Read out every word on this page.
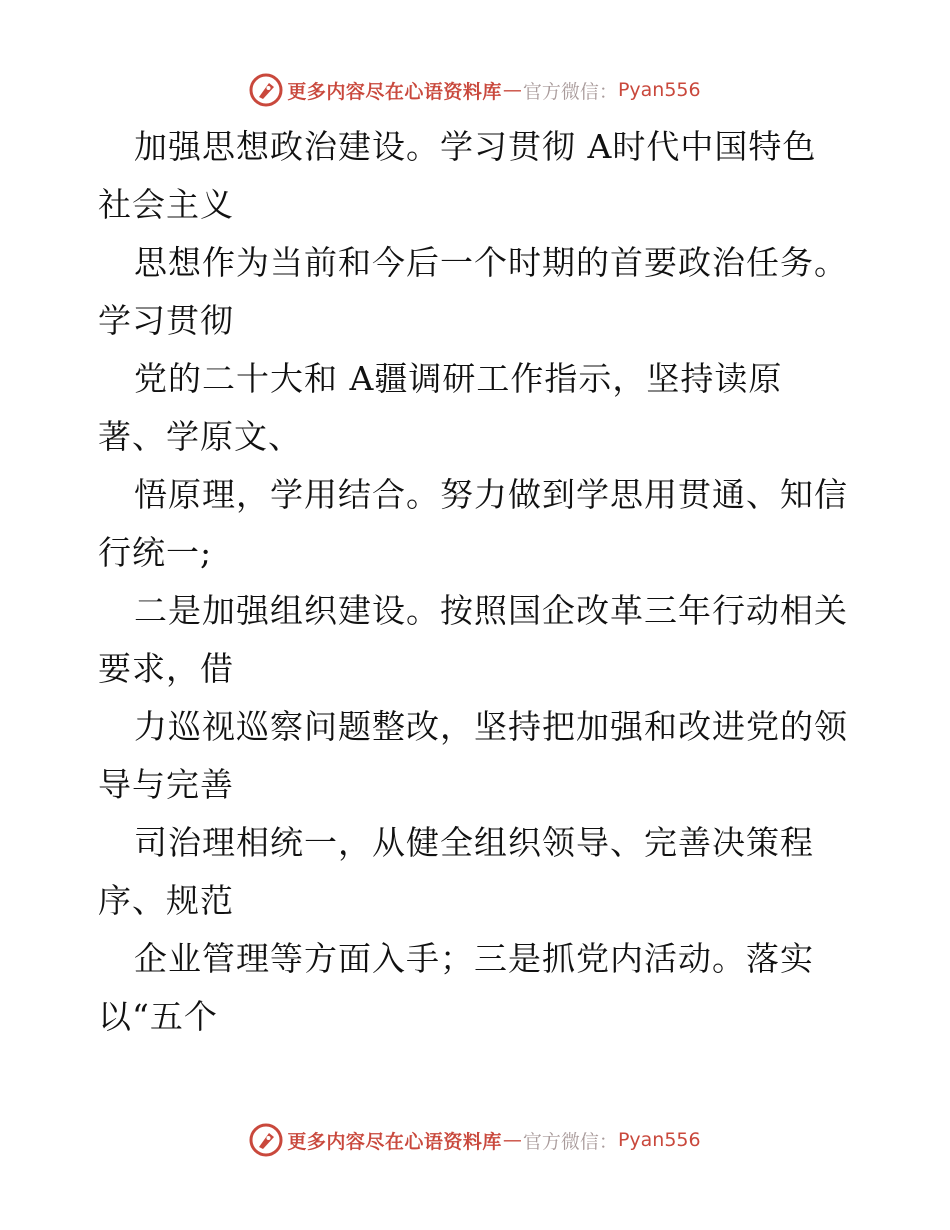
更多内容尽在心语资料库 — 官方微信： Pyan556
加强思想政治建设。学习贯彻 A时代中国特色
社会主义
思想作为当前和今后一个时期的首要政治任务。
学习贯彻
党的二十大和 A疆调研工作指示，坚持读原
著、学原文、
悟原理，学用结合。努力做到学思用贯通、知信
行统一;
二是加强组织建设。按照国企改革三年行动相关
要求，借
力巡视巡察问题整改，坚持把加强和改进党的领
导与完善
司治理相统一，从健全组织领导、完善决策程
序、规范
企业管理等方面入手；三是抓党内活动。落实
以“五个
更多内容尽在心语资料库 — 官方微信： Pyan556
